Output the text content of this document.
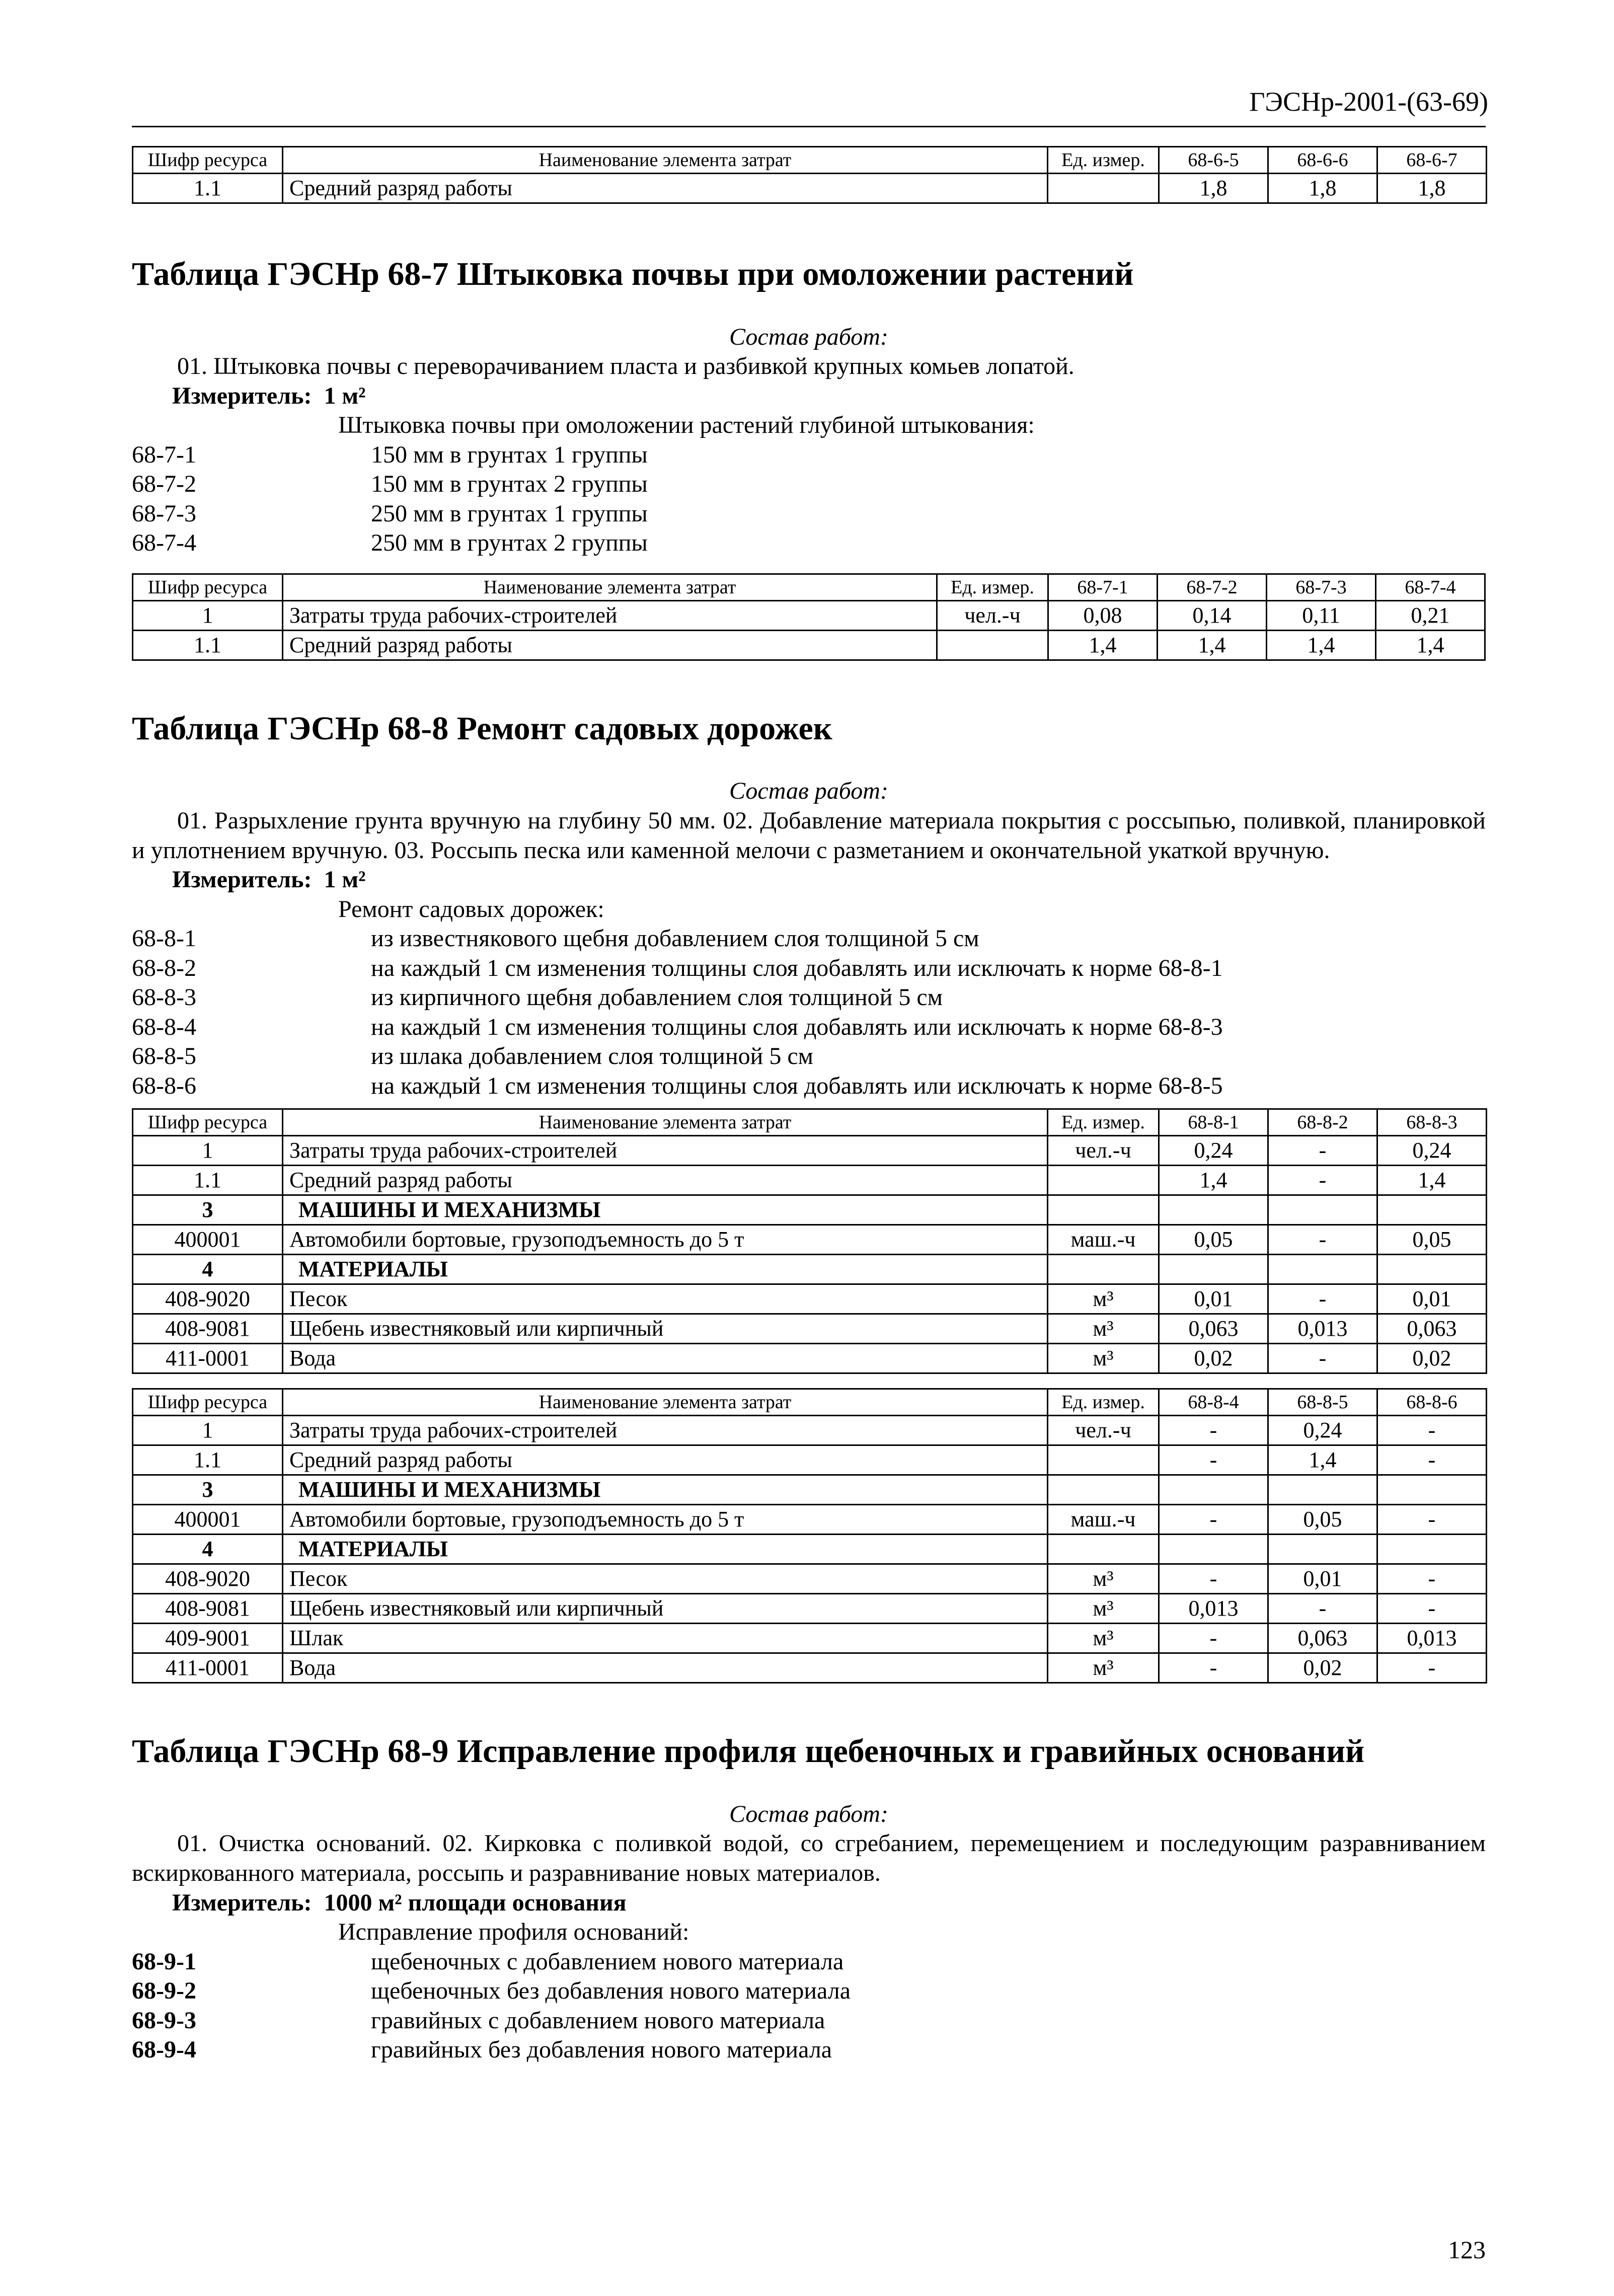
ГЭСНр-2001-(63-69)
Шифр ресурса	Наименование элемента затрат	Ед. измер.	68-6-5	68-6-6	68-6-7
1.1	Средний разряд работы		1,8	1,8	1,8
Таблица ГЭСНр 68-7 Штыковка почвы при омоложении растений
Состав работ:

01. Штыковка почвы с переворачиванием пласта и разбивкой крупных комьев лопатой.

Измеритель: 1 м²
Штыковка почвы при омоложении растений глубиной штыкования:
68-7-1	150 мм в грунтах 1 группы
68-7-2	150 мм в грунтах 2 группы
68-7-3	250 мм в грунтах 1 группы
68-7-4	250 мм в грунтах 2 группы
Шифр ресурса	Наименование элемента затрат	Ед. измер.	68-7-1	68-7-2	68-7-3	68-7-4
1	Затраты труда рабочих-строителей	чел.-ч	0,08	0,14	0,11	0,21
1.1	Средний разряд работы		1,4	1,4	1,4	1,4
Таблица ГЭСНр 68-8 Ремонт садовых дорожек
Состав работ:

01. Разрыхление грунта вручную на глубину 50 мм. 02. Добавление материала покрытия с россыпью, поливкой, планировкой и уплотнением вручную. 03. Россыпь песка или каменной мелочи с разметанием и окончательной укаткой вручную.

Измеритель: 1 м²
Ремонт садовых дорожек:
68-8-1	из известнякового щебня добавлением слоя толщиной 5 см
68-8-2	на каждый 1 см изменения толщины слоя добавлять или исключать к норме 68-8-1
68-8-3	из кирпичного щебня добавлением слоя толщиной 5 см
68-8-4	на каждый 1 см изменения толщины слоя добавлять или исключать к норме 68-8-3
68-8-5	из шлака добавлением слоя толщиной 5 см
68-8-6	на каждый 1 см изменения толщины слоя добавлять или исключать к норме 68-8-5
Шифр ресурса	Наименование элемента затрат	Ед. измер.	68-8-1	68-8-2	68-8-3
1	Затраты труда рабочих-строителей	чел.-ч	0,24	-	0,24
1.1	Средний разряд работы		1,4	-	1,4
3	МАШИНЫ И МЕХАНИЗМЫ				
400001	Автомобили бортовые, грузоподъемность до 5 т	маш.-ч	0,05	-	0,05
4	МАТЕРИАЛЫ				
408-9020	Песок	м³	0,01	-	0,01
408-9081	Щебень известняковый или кирпичный	м³	0,063	0,013	0,063
411-0001	Вода	м³	0,02	-	0,02
Шифр ресурса	Наименование элемента затрат	Ед. измер.	68-8-4	68-8-5	68-8-6
1	Затраты труда рабочих-строителей	чел.-ч	-	0,24	-
1.1	Средний разряд работы		-	1,4	-
3	МАШИНЫ И МЕХАНИЗМЫ				
400001	Автомобили бортовые, грузоподъемность до 5 т	маш.-ч	-	0,05	-
4	МАТЕРИАЛЫ				
408-9020	Песок	м³	-	0,01	-
408-9081	Щебень известняковый или кирпичный	м³	0,013	-	-
409-9001	Шлак	м³	-	0,063	0,013
411-0001	Вода	м³	-	0,02	-
Таблица ГЭСНр 68-9 Исправление профиля щебеночных и гравийных оснований
Состав работ:

01. Очистка оснований. 02. Кирковка с поливкой водой, со сгребанием, перемещением и последующим разравниванием вскиркованного материала, россыпь и разравнивание новых материалов.

Измеритель: 1000 м² площади основания
Исправление профиля оснований:
68-9-1	щебеночных с добавлением нового материала
68-9-2	щебеночных без добавления нового материала
68-9-3	гравийных с добавлением нового материала
68-9-4	гравийных без добавления нового материала
123
